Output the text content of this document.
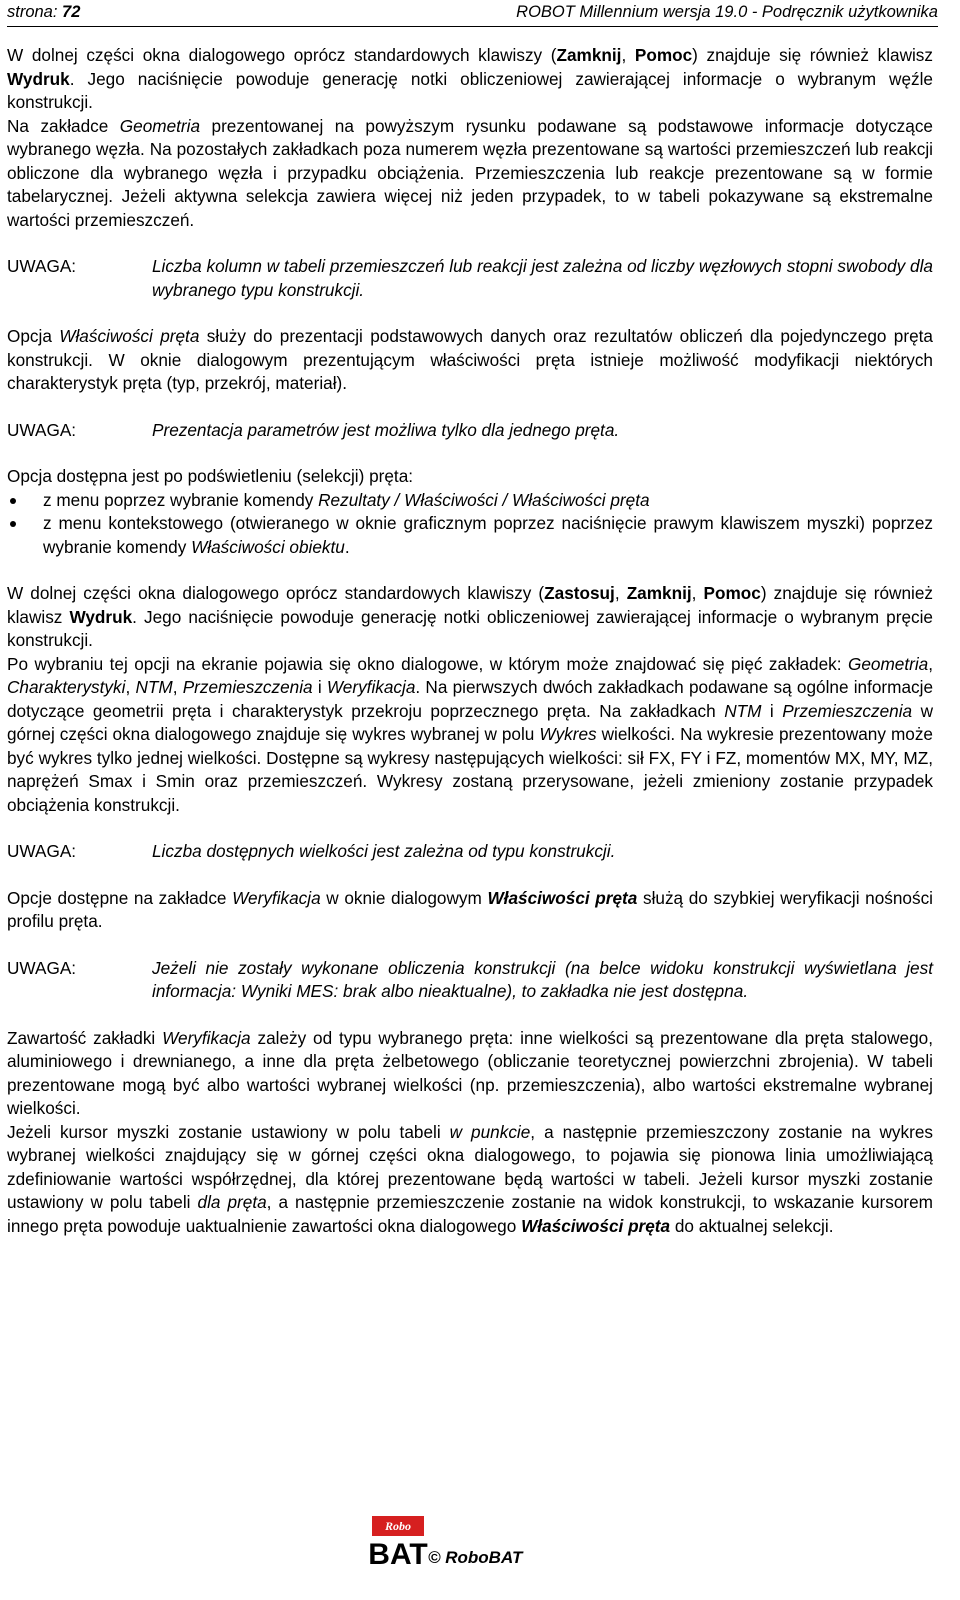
strona: 72	ROBOT Millennium wersja 19.0 - Podręcznik użytkownika

W dolnej części okna dialogowego oprócz standardowych klawiszy (Zamknij, Pomoc) znajduje się również klawisz Wydruk. Jego naciśnięcie powoduje generację notki obliczeniowej zawierającej informacje o wybranym węźle konstrukcji.

Na zakładce Geometria prezentowanej na powyższym rysunku podawane są podstawowe informacje dotyczące wybranego węzła. Na pozostałych zakładkach poza numerem węzła prezentowane są wartości przemieszczeń lub reakcji obliczone dla wybranego węzła i przypadku obciążenia. Przemieszczenia lub reakcje prezentowane są w formie tabelarycznej. Jeżeli aktywna selekcja zawiera więcej niż jeden przypadek, to w tabeli pokazywane są ekstremalne wartości przemieszczeń.

UWAGA:	Liczba kolumn w tabeli przemieszczeń lub reakcji jest zależna od liczby węzłowych stopni swobody dla wybranego typu konstrukcji.

Opcja Właściwości pręta służy do prezentacji podstawowych danych oraz rezultatów obliczeń dla pojedynczego pręta konstrukcji. W oknie dialogowym prezentującym właściwości pręta istnieje możliwość modyfikacji niektórych charakterystyk pręta (typ, przekrój, materiał).

UWAGA:	Prezentacja parametrów jest możliwa tylko dla jednego pręta.

Opcja dostępna jest po podświetleniu (selekcji) pręta:

z menu poprzez wybranie komendy Rezultaty / Właściwości / Właściwości pręta
z menu kontekstowego (otwieranego w oknie graficznym poprzez naciśnięcie prawym klawiszem myszki) poprzez wybranie komendy Właściwości obiektu.

W dolnej części okna dialogowego oprócz standardowych klawiszy (Zastosuj, Zamknij, Pomoc) znajduje się również klawisz Wydruk. Jego naciśnięcie powoduje generację notki obliczeniowej zawierającej informacje o wybranym pręcie konstrukcji.

Po wybraniu tej opcji na ekranie pojawia się okno dialogowe, w którym może znajdować się pięć zakładek: Geometria, Charakterystyki, NTM, Przemieszczenia i Weryfikacja. Na pierwszych dwóch zakładkach podawane są ogólne informacje dotyczące geometrii pręta i charakterystyk przekroju poprzecznego pręta. Na zakładkach NTM i Przemieszczenia w górnej części okna dialogowego znajduje się wykres wybranej w polu Wykres wielkości. Na wykresie prezentowany może być wykres tylko jednej wielkości. Dostępne są wykresy następujących wielkości: sił FX, FY i FZ, momentów MX, MY, MZ, naprężeń Smax i Smin oraz przemieszczeń. Wykresy zostaną przerysowane, jeżeli zmieniony zostanie przypadek obciążenia konstrukcji.

UWAGA:	Liczba dostępnych wielkości jest zależna od typu konstrukcji.

Opcje dostępne na zakładce Weryfikacja w oknie dialogowym Właściwości pręta służą do szybkiej weryfikacji nośności profilu pręta.

UWAGA:	Jeżeli nie zostały wykonane obliczenia konstrukcji (na belce widoku konstrukcji wyświetlana jest informacja: Wyniki MES: brak albo nieaktualne), to zakładka nie jest dostępna.

Zawartość zakładki Weryfikacja zależy od typu wybranego pręta: inne wielkości są prezentowane dla pręta stalowego, aluminiowego i drewnianego, a inne dla pręta żelbetowego (obliczanie teoretycznej powierzchni zbrojenia). W tabeli prezentowane mogą być albo wartości wybranej wielkości (np. przemieszczenia), albo wartości ekstremalne wybranej wielkości.

Jeżeli kursor myszki zostanie ustawiony w polu tabeli w punkcie, a następnie przemieszczony zostanie na wykres wybranej wielkości znajdujący się w górnej części okna dialogowego, to pojawia się pionowa linia umożliwiającą zdefiniowanie wartości współrzędnej, dla której prezentowane będą wartości w tabeli. Jeżeli kursor myszki zostanie ustawiony w polu tabeli dla pręta, a następnie przemieszczenie zostanie na widok konstrukcji, to wskazanie kursorem innego pręta powoduje uaktualnienie zawartości okna dialogowego Właściwości pręta do aktualnej selekcji.

Robo
BAT © RoboBAT
